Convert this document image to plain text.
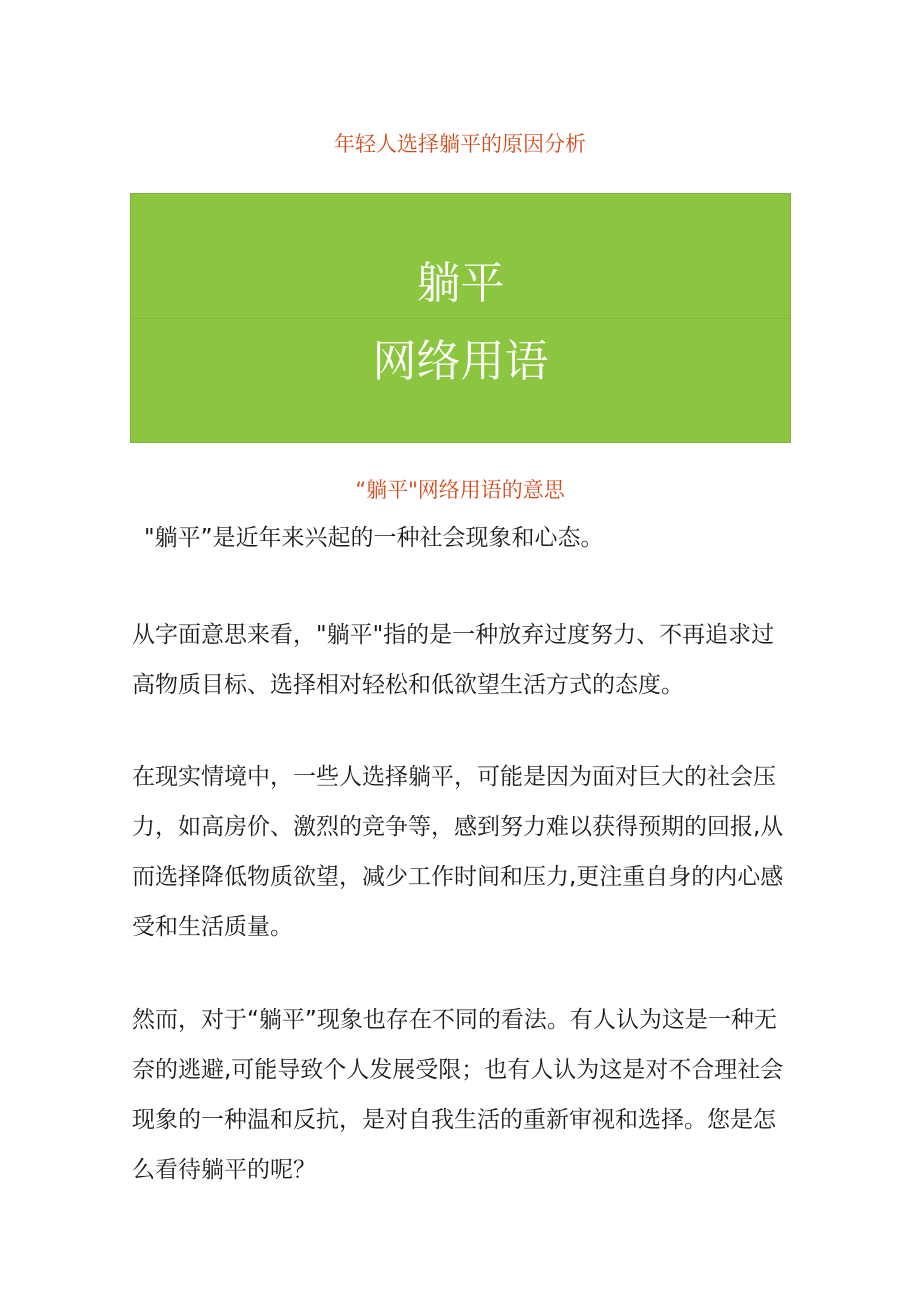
年轻人选择躺平的原因分析
躺平
网络用语
“躺平"网络用语的意思

"躺平”是近年来兴起的一种社会现象和心态。

从字面意思来看，"躺平"指的是一种放弃过度努力、不再追求过高物质目标、选择相对轻松和低欲望生活方式的态度。

在现实情境中，一些人选择躺平，可能是因为面对巨大的社会压力，如高房价、激烈的竞争等，感到努力难以获得预期的回报,从而选择降低物质欲望，减少工作时间和压力,更注重自身的内心感受和生活质量。

然而，对于“躺平”现象也存在不同的看法。有人认为这是一种无奈的逃避,可能导致个人发展受限；也有人认为这是对不合理社会现象的一种温和反抗，是对自我生活的重新审视和选择。您是怎么看待躺平的呢？
